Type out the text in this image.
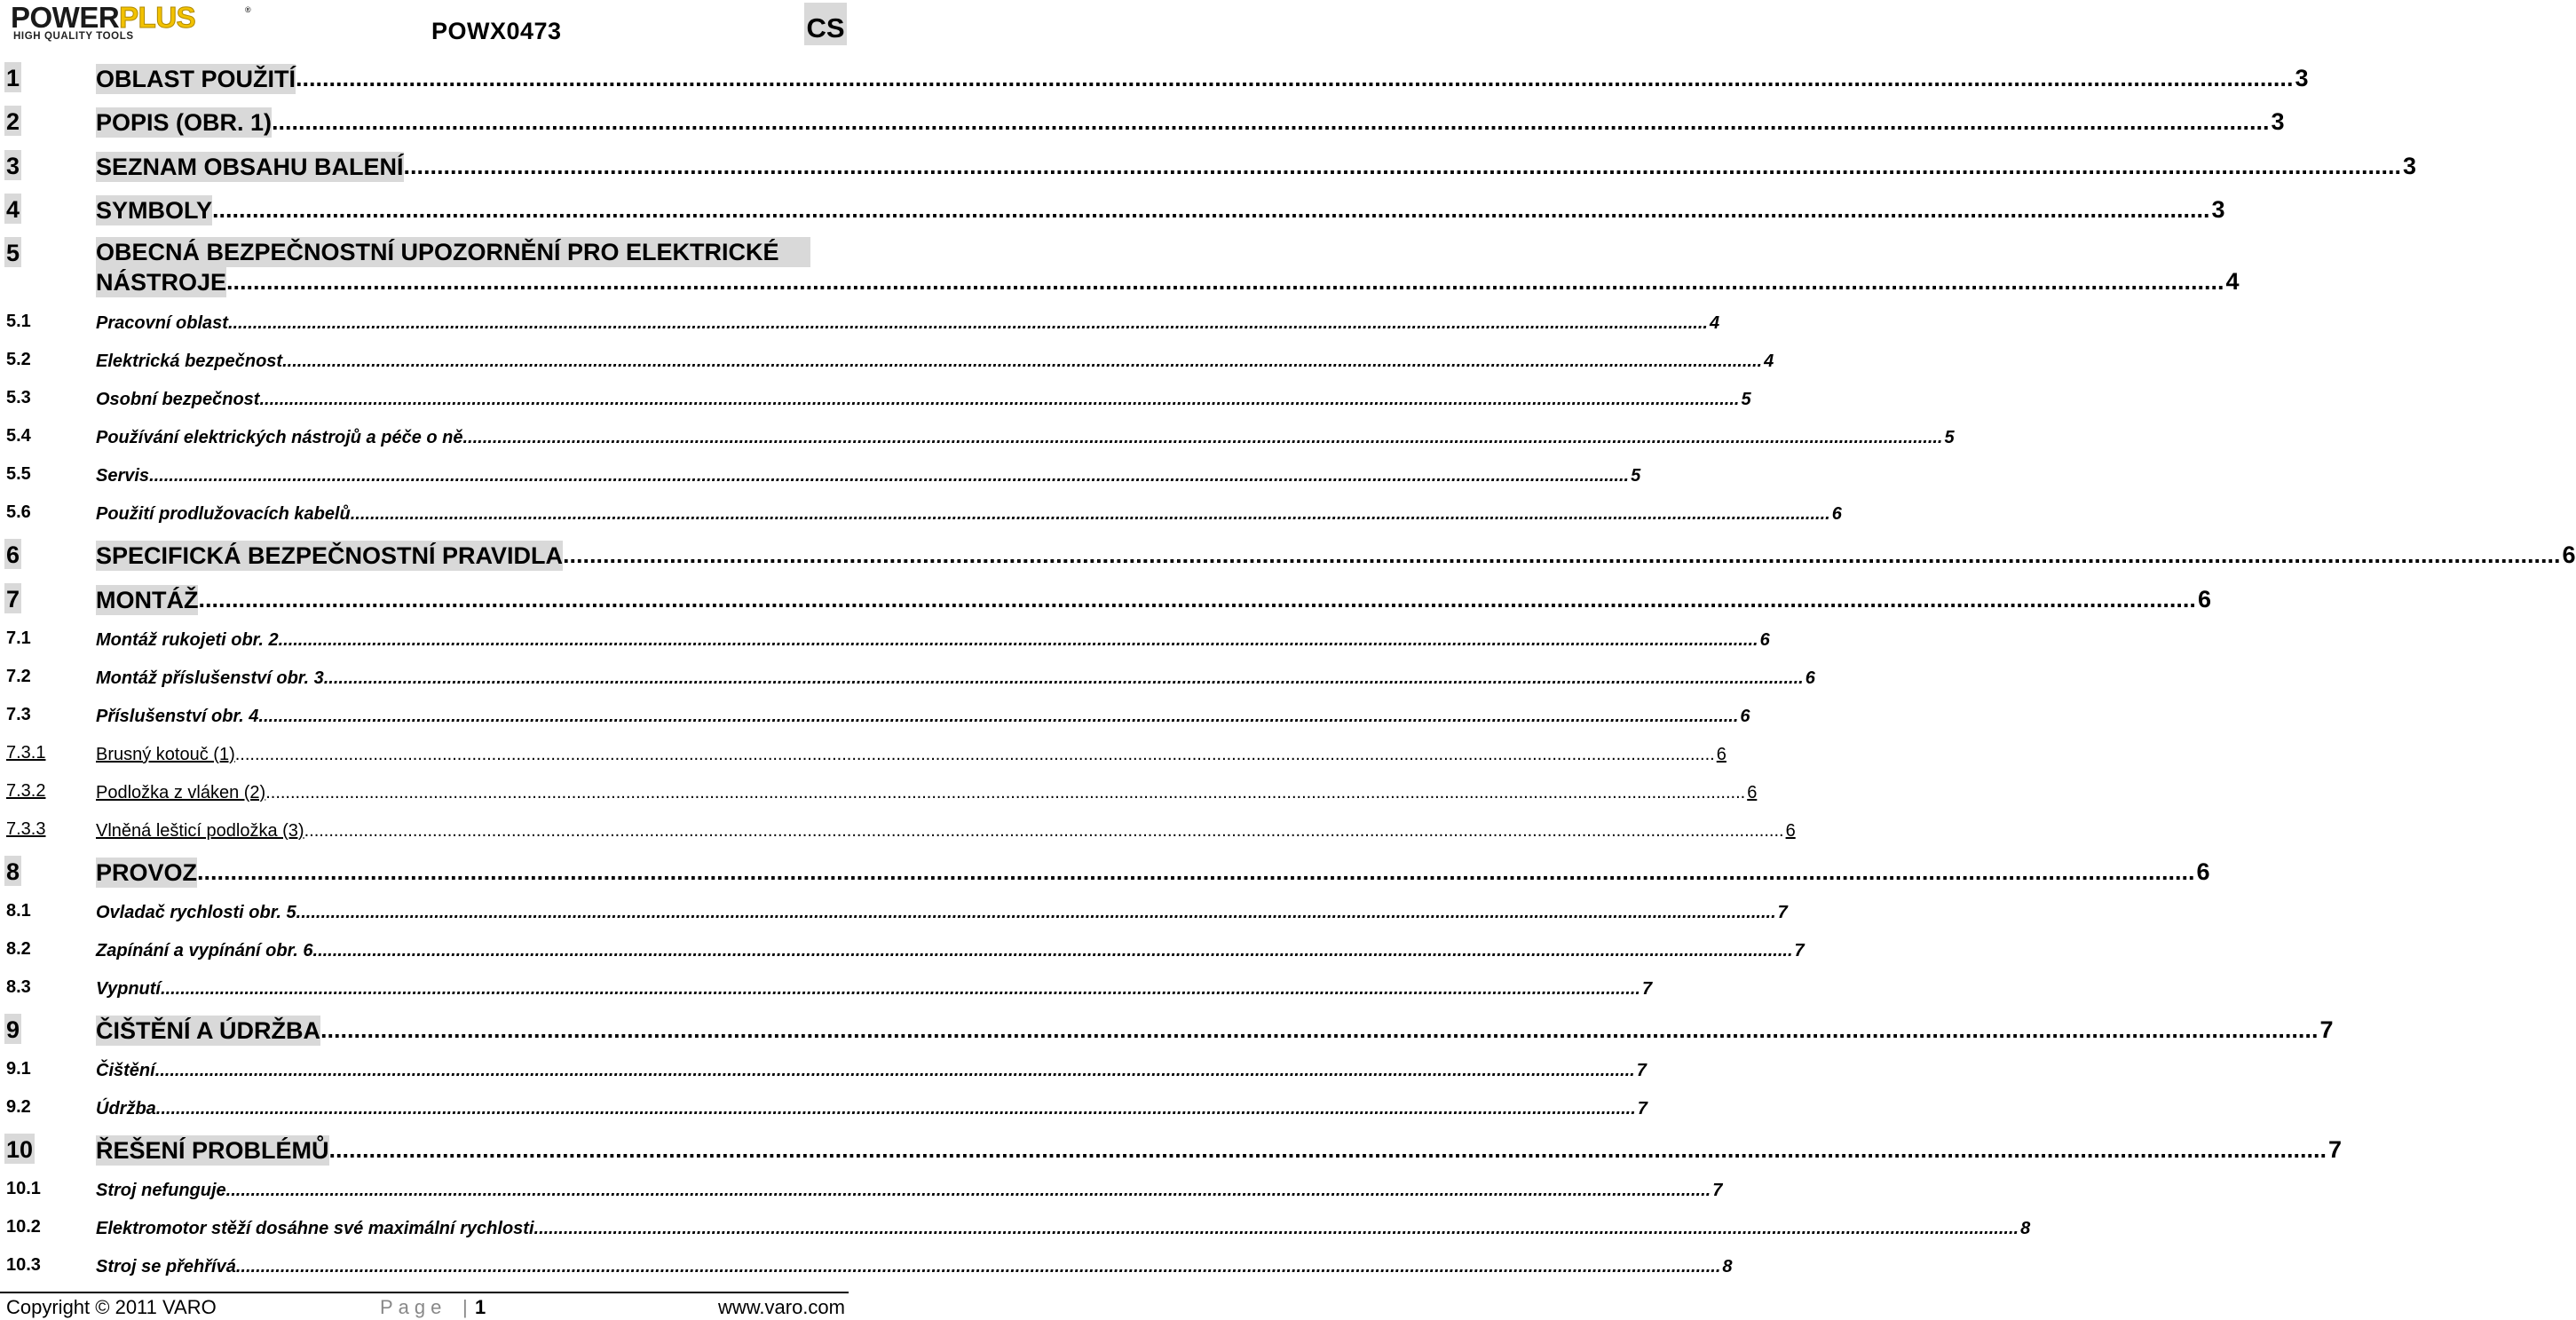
POWERPLUS	®
HIGH QUALITY TOOLS	POWX0473	CS
1	OBLAST POUŽITÍ ............................................................................................................................................................................................................................................................................................................ 3
2	POPIS (OBR. 1) ............................................................................................................................................................................................................................................................................................................ 3
3	SEZNAM OBSAHU BALENÍ ............................................................................................................................................................................................................................................................................................................ 3
4	SYMBOLY ............................................................................................................................................................................................................................................................................................................ 3
5	OBECNÁ BEZPEČNOSTNÍ UPOZORNĚNÍ PRO ELEKTRICKÉ
NÁSTROJE ............................................................................................................................................................................................................................................................................................................ 4
5.1	Pracovní oblast ............................................................................................................................................................................................................................................................................................................ 4
5.2	Elektrická bezpečnost ............................................................................................................................................................................................................................................................................................................ 4
5.3	Osobní bezpečnost ............................................................................................................................................................................................................................................................................................................ 5
5.4	Používání elektrických nástrojů a péče o ně ............................................................................................................................................................................................................................................................................................................ 5
5.5	Servis ............................................................................................................................................................................................................................................................................................................ 5
5.6	Použití prodlužovacích kabelů ............................................................................................................................................................................................................................................................................................................ 6
6	SPECIFICKÁ BEZPEČNOSTNÍ PRAVIDLA ............................................................................................................................................................................................................................................................................................................ 6
7	MONTÁŽ ............................................................................................................................................................................................................................................................................................................ 6
7.1	Montáž rukojeti obr. 2 ............................................................................................................................................................................................................................................................................................................ 6
7.2	Montáž příslušenství obr. 3 ............................................................................................................................................................................................................................................................................................................ 6
7.3	Příslušenství obr. 4 ............................................................................................................................................................................................................................................................................................................ 6
7.3.1	Brusný kotouč (1) ............................................................................................................................................................................................................................................................................................................ 6
7.3.2	Podložka z vláken (2) ............................................................................................................................................................................................................................................................................................................ 6
7.3.3	Vlněná lešticí podložka (3) ............................................................................................................................................................................................................................................................................................................ 6
8	PROVOZ ............................................................................................................................................................................................................................................................................................................ 6
8.1	Ovladač rychlosti obr. 5 ............................................................................................................................................................................................................................................................................................................ 7
8.2	Zapínání a vypínání obr. 6 ............................................................................................................................................................................................................................................................................................................ 7
8.3	Vypnutí ............................................................................................................................................................................................................................................................................................................ 7
9	ČIŠTĚNÍ A ÚDRŽBA ............................................................................................................................................................................................................................................................................................................ 7
9.1	Čištění ............................................................................................................................................................................................................................................................................................................ 7
9.2	Údržba ............................................................................................................................................................................................................................................................................................................ 7
10	ŘEŠENÍ PROBLÉMŮ ............................................................................................................................................................................................................................................................................................................ 7
10.1	Stroj nefunguje. ............................................................................................................................................................................................................................................................................................................ 7
10.2	Elektromotor stěží dosáhne své maximální rychlosti. ............................................................................................................................................................................................................................................................................................................ 8
10.3	Stroj se přehřívá. ............................................................................................................................................................................................................................................................................................................ 8
Copyright © 2011 VARO	Page | 1	www.varo.com
